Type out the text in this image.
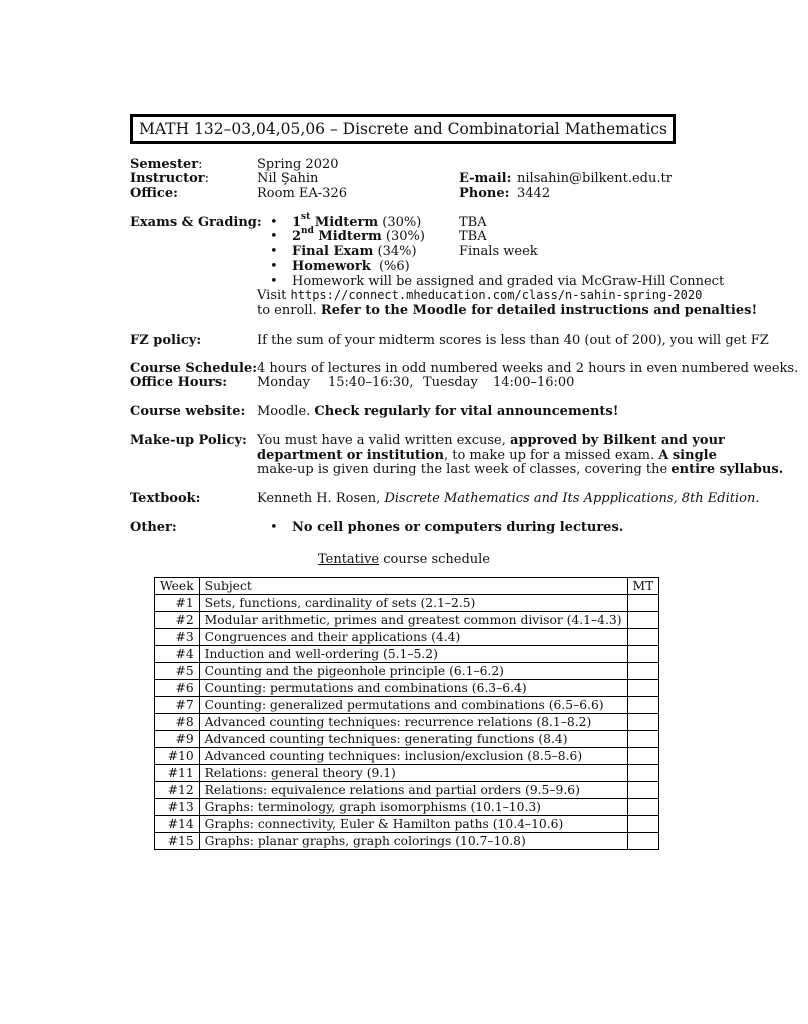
MATH 132–03,04,05,06 – Discrete and Combinatorial Mathematics
Semester:	Spring 2020
Instructor:	Nil Şahin	E-mail: nilsahin@bilkent.edu.tr
Office:	Room EA-326	Phone: 3442
Exams & Grading: • 1st Midterm (30%)	TBA
• 2nd Midterm (30%)	TBA
• Final Exam (34%)	Finals week
• Homework (%6)
• Homework will be assigned and graded via McGraw-Hill Connect
Visit https://connect.mheducation.com/class/n-sahin-spring-2020
to enroll. Refer to the Moodle for detailed instructions and penalties!
FZ policy:	If the sum of your midterm scores is less than 40 (out of 200), you will get FZ
Course Schedule: 4 hours of lectures in odd numbered weeks and 2 hours in even numbered weeks.
Office Hours: Monday 15:40–16:30, Tuesday 14:00–16:00
Course website: Moodle. Check regularly for vital announcements!
Make-up Policy: You must have a valid written excuse, approved by Bilkent and your
department or institution, to make up for a missed exam. A single
make-up is given during the last week of classes, covering the entire syllabus.
Textbook:	Kenneth H. Rosen, Discrete Mathematics and Its Appplications, 8th Edition.
Other:	• No cell phones or computers during lectures.
Tentative course schedule
Week	Subject	MT
#1	Sets, functions, cardinality of sets (2.1–2.5)	
#2	Modular arithmetic, primes and greatest common divisor (4.1–4.3)	
#3	Congruences and their applications (4.4)	
#4	Induction and well-ordering (5.1–5.2)	
#5	Counting and the pigeonhole principle (6.1–6.2)	
#6	Counting: permutations and combinations (6.3–6.4)	
#7	Counting: generalized permutations and combinations (6.5–6.6)	
#8	Advanced counting techniques: recurrence relations (8.1–8.2)	
#9	Advanced counting techniques: generating functions (8.4)	
#10	Advanced counting techniques: inclusion/exclusion (8.5–8.6)	
#11	Relations: general theory (9.1)	
#12	Relations: equivalence relations and partial orders (9.5–9.6)	
#13	Graphs: terminology, graph isomorphisms (10.1–10.3)	
#14	Graphs: connectivity, Euler & Hamilton paths (10.4–10.6)	
#15	Graphs: planar graphs, graph colorings (10.7–10.8)	
